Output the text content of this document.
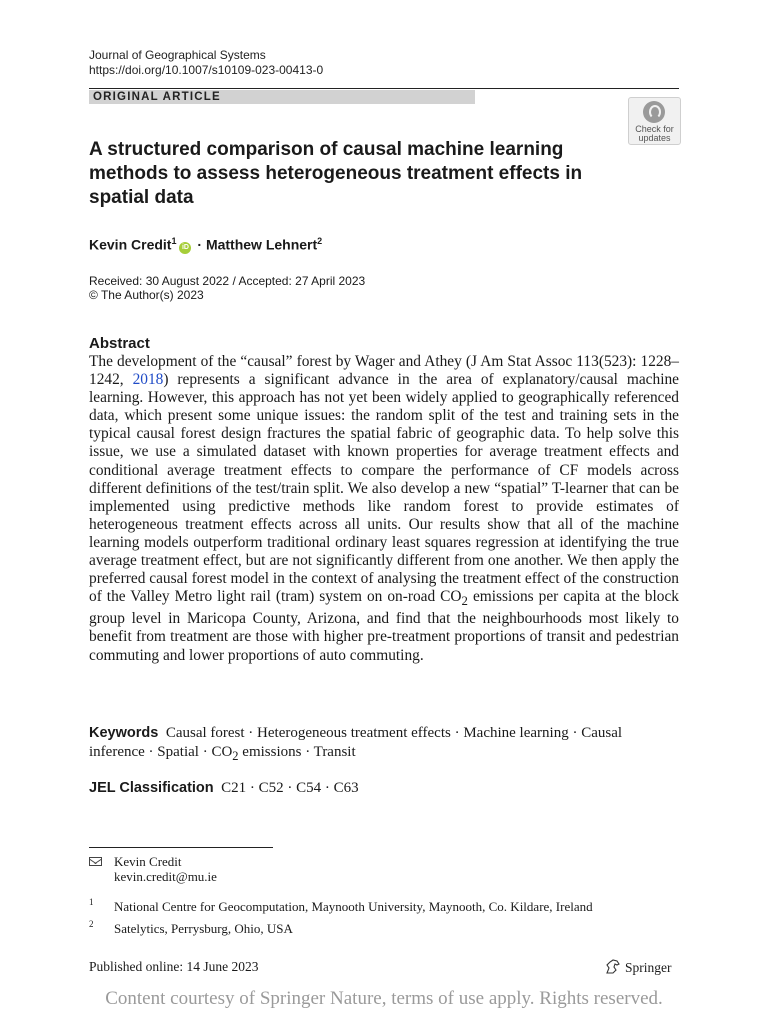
Journal of Geographical Systems
https://doi.org/10.1007/s10109-023-00413-0
ORIGINAL ARTICLE
Check for
updates
A structured comparison of causal machine learning methods to assess heterogeneous treatment effects in spatial data
Kevin Credit$^1$iD · Matthew Lehnert$^2$
Received: 30 August 2022 / Accepted: 27 April 2023
© The Author(s) 2023
Abstract
The development of the “causal” forest by Wager and Athey (J Am Stat Assoc 113(523): 1228–1242, 2018) represents a significant advance in the area of explanatory/causal machine learning. However, this approach has not yet been widely applied to geographically referenced data, which present some unique issues: the random split of the test and training sets in the typical causal forest design fractures the spatial fabric of geographic data. To help solve this issue, we use a simulated dataset with known properties for average treatment effects and conditional average treatment effects to compare the performance of CF models across different definitions of the test/train split. We also develop a new “spatial” T-learner that can be implemented using predictive methods like random forest to provide estimates of heterogeneous treatment effects across all units. Our results show that all of the machine learning models outperform traditional ordinary least squares regression at identifying the true average treatment effect, but are not significantly different from one another. We then apply the preferred causal forest model in the context of analysing the treatment effect of the construction of the Valley Metro light rail (tram) system on on-road $CO_2$ emissions per capita at the block group level in Maricopa County, Arizona, and find that the neighbourhoods most likely to benefit from treatment are those with higher pre-treatment proportions of transit and pedestrian commuting and lower proportions of auto commuting.
Keywords Causal forest · Heterogeneous treatment effects · Machine learning · Causal inference · Spatial · $CO_2$ emissions · Transit
JEL Classification C21 · C52 · C54 · C63
Kevin Credit
kevin.credit@mu.ie
1 National Centre for Geocomputation, Maynooth University, Maynooth, Co. Kildare, Ireland
2 Satelytics, Perrysburg, Ohio, USA
Published online: 14 June 2023	Springer
Content courtesy of Springer Nature, terms of use apply. Rights reserved.
